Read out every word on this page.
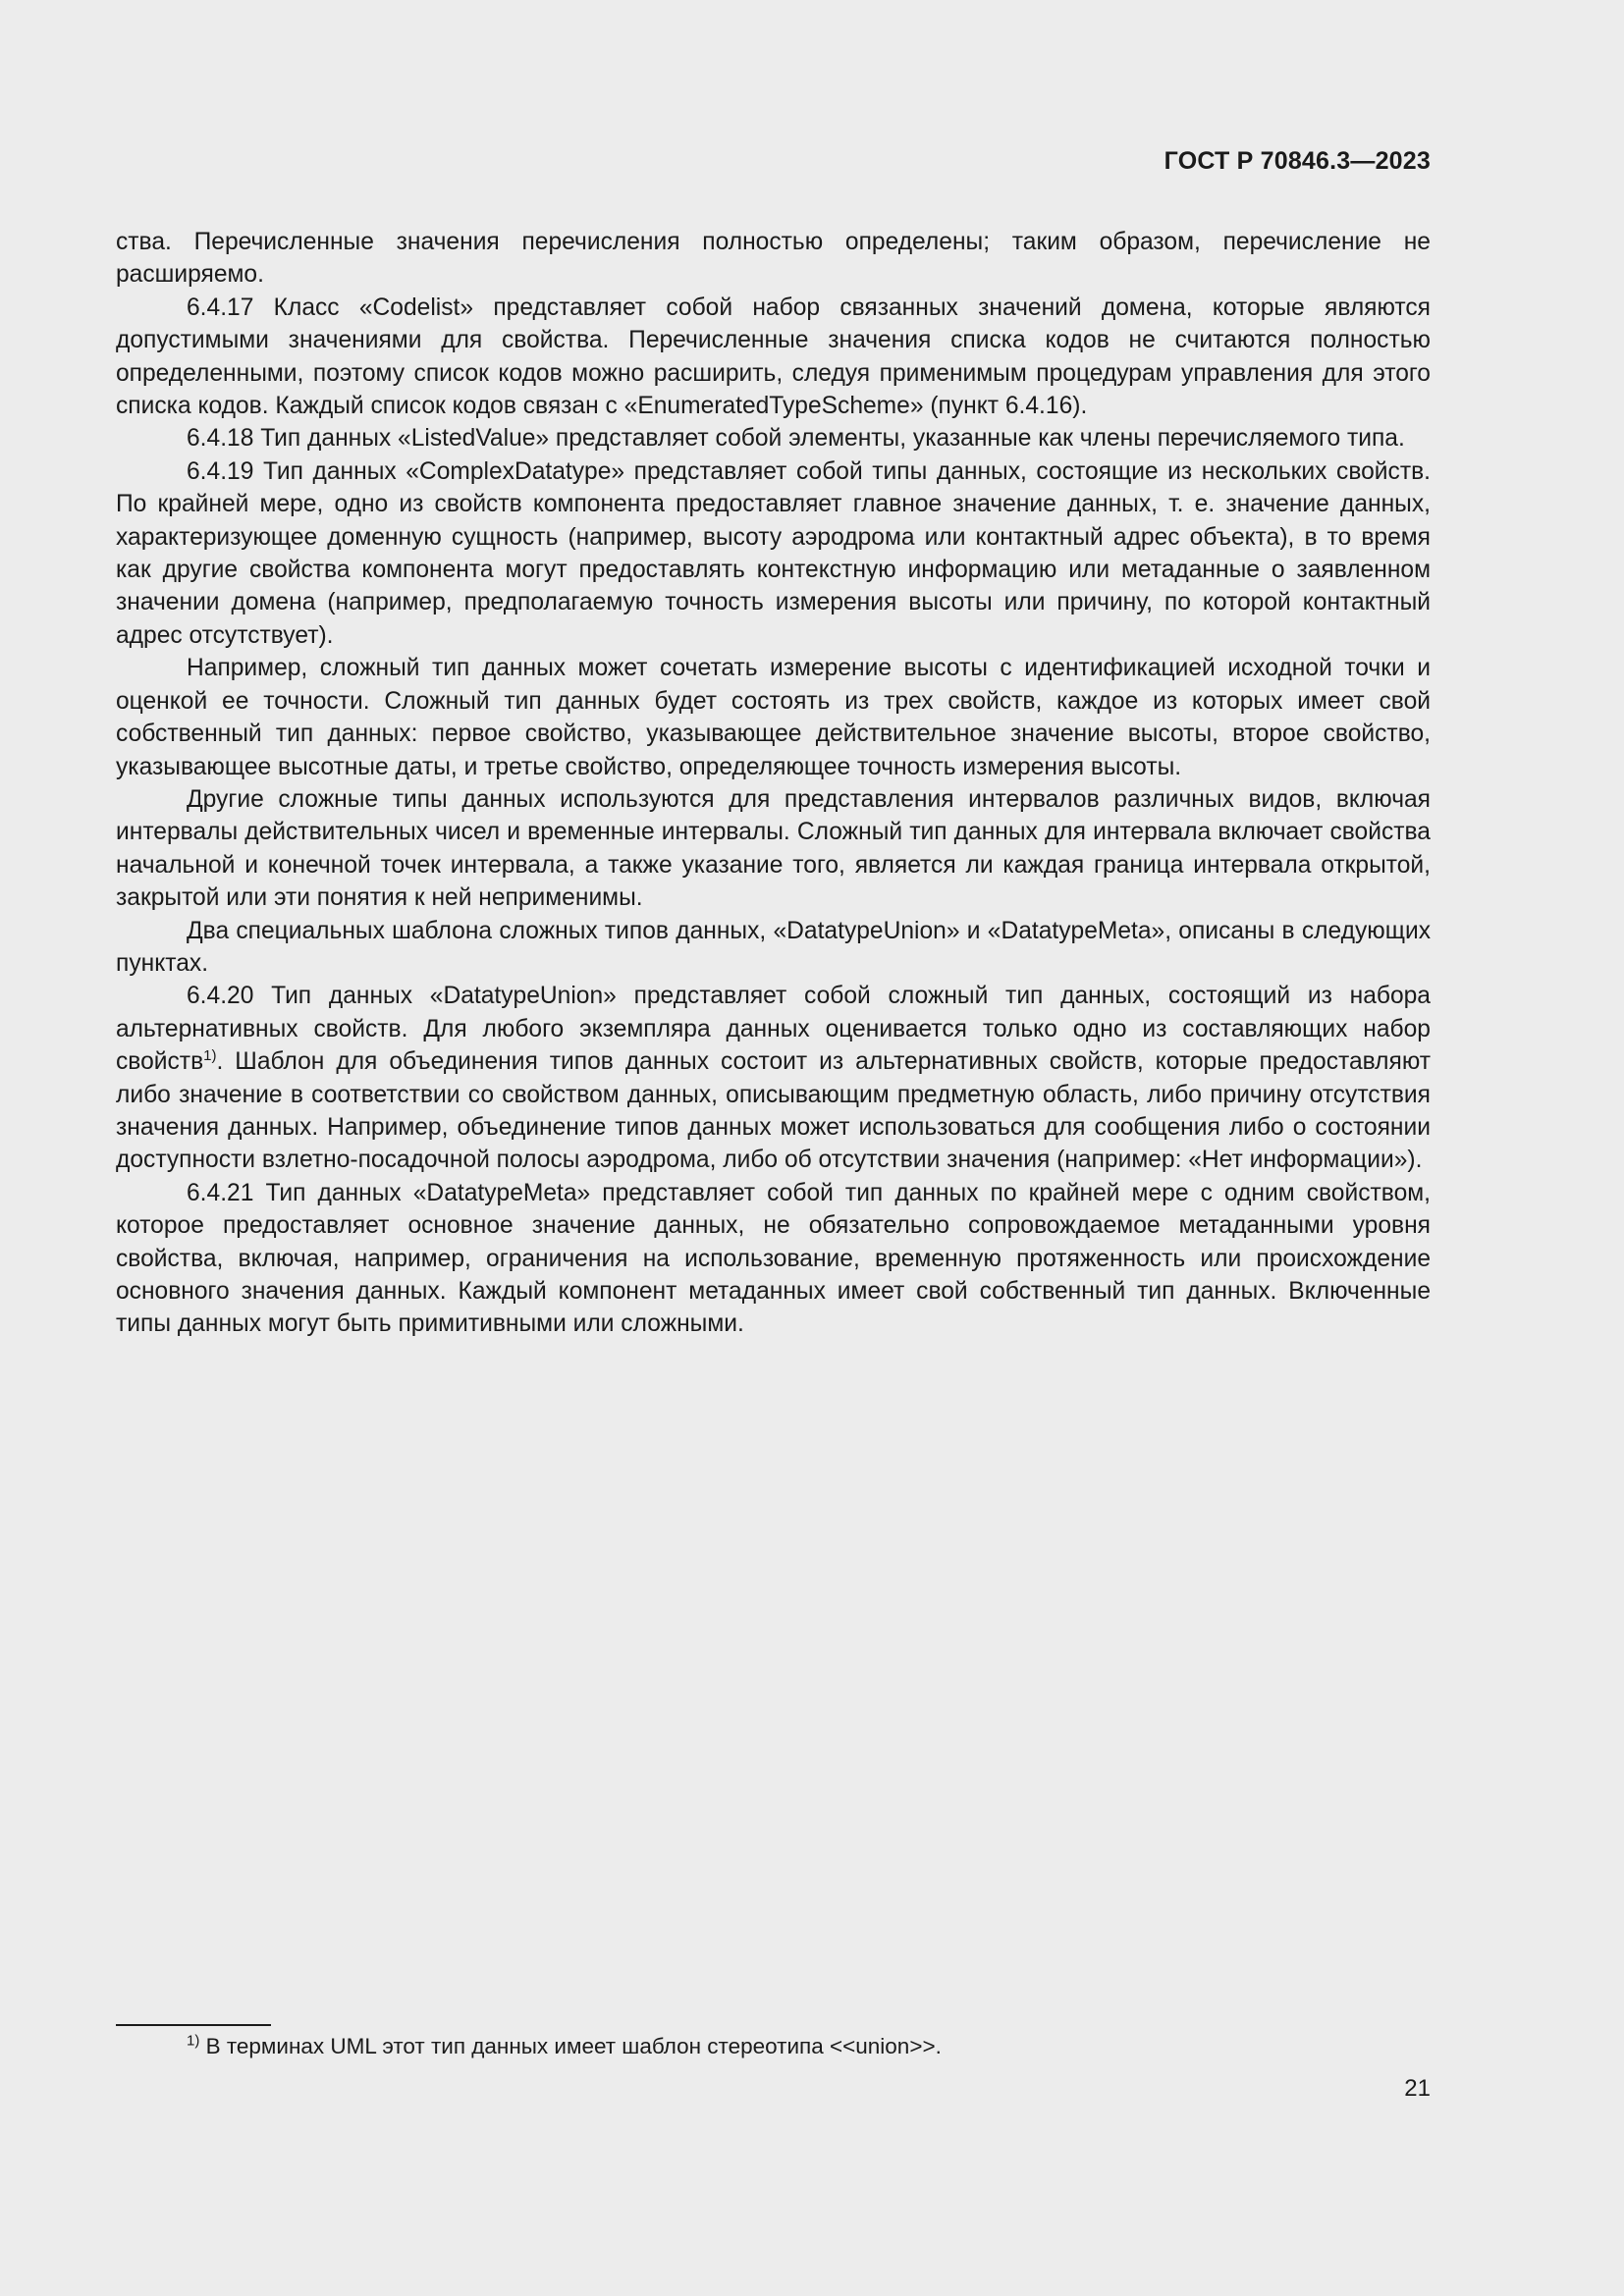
ГОСТ Р 70846.3—2023

ства. Перечисленные значения перечисления полностью определены; таким образом, перечисление не расширяемо.

6.4.17 Класс «Codelist» представляет собой набор связанных значений домена, которые являются допустимыми значениями для свойства. Перечисленные значения списка кодов не считаются полностью определенными, поэтому список кодов можно расширить, следуя применимым процедурам управления для этого списка кодов. Каждый список кодов связан с «EnumeratedTypeScheme» (пункт 6.4.16).

6.4.18 Тип данных «ListedValue» представляет собой элементы, указанные как члены перечисляемого типа.

6.4.19 Тип данных «ComplexDatatype» представляет собой типы данных, состоящие из нескольких свойств. По крайней мере, одно из свойств компонента предоставляет главное значение данных, т. е. значение данных, характеризующее доменную сущность (например, высоту аэродрома или контактный адрес объекта), в то время как другие свойства компонента могут предоставлять контекстную информацию или метаданные о заявленном значении домена (например, предполагаемую точность измерения высоты или причину, по которой контактный адрес отсутствует).

Например, сложный тип данных может сочетать измерение высоты с идентификацией исходной точки и оценкой ее точности. Сложный тип данных будет состоять из трех свойств, каждое из которых имеет свой собственный тип данных: первое свойство, указывающее действительное значение высоты, второе свойство, указывающее высотные даты, и третье свойство, определяющее точность измерения высоты.

Другие сложные типы данных используются для представления интервалов различных видов, включая интервалы действительных чисел и временные интервалы. Сложный тип данных для интервала включает свойства начальной и конечной точек интервала, а также указание того, является ли каждая граница интервала открытой, закрытой или эти понятия к ней неприменимы.

Два специальных шаблона сложных типов данных, «DatatypeUnion» и «DatatypeMeta», описаны в следующих пунктах.

6.4.20 Тип данных «DatatypeUnion» представляет собой сложный тип данных, состоящий из набора альтернативных свойств. Для любого экземпляра данных оценивается только одно из составляющих набор свойств$^{1)}$. Шаблон для объединения типов данных состоит из альтернативных свойств, которые предоставляют либо значение в соответствии со свойством данных, описывающим предметную область, либо причину отсутствия значения данных. Например, объединение типов данных может использоваться для сообщения либо о состоянии доступности взлетно-посадочной полосы аэродрома, либо об отсутствии значения (например: «Нет информации»).

6.4.21 Тип данных «DatatypeMeta» представляет собой тип данных по крайней мере с одним свойством, которое предоставляет основное значение данных, не обязательно сопровождаемое метаданными уровня свойства, включая, например, ограничения на использование, временную протяженность или происхождение основного значения данных. Каждый компонент метаданных имеет свой собственный тип данных. Включенные типы данных могут быть примитивными или сложными.

$^{1)}$ В терминах UML этот тип данных имеет шаблон стереотипа <<union>>.
21
